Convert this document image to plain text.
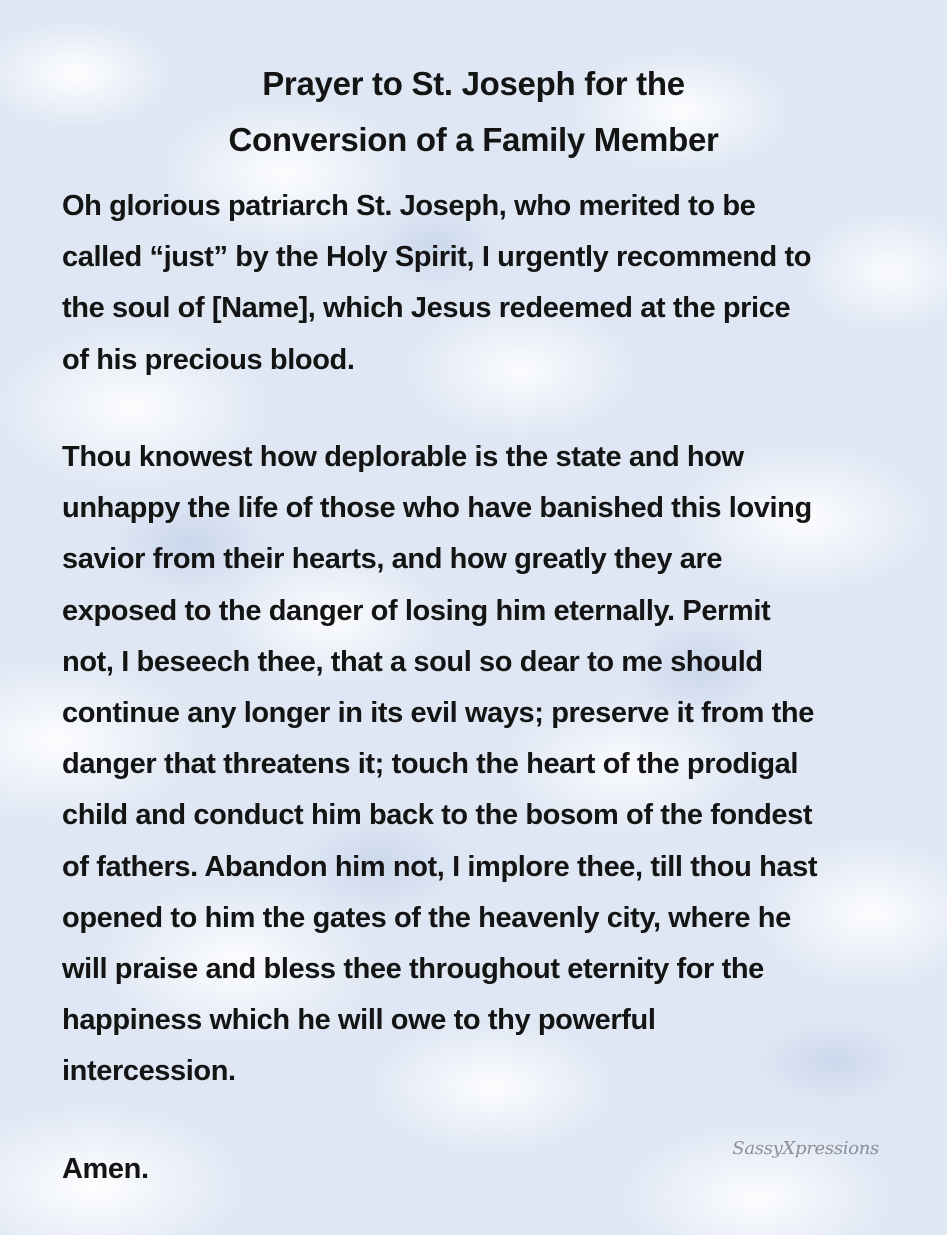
Prayer to St. Joseph for the
Conversion of a Family Member

Oh glorious patriarch St. Joseph, who merited to be
called “just” by the Holy Spirit, I urgently recommend to
the soul of [Name], which Jesus redeemed at the price
of his precious blood.

Thou knowest how deplorable is the state and how
unhappy the life of those who have banished this loving
savior from their hearts, and how greatly they are
exposed to the danger of losing him eternally. Permit
not, I beseech thee, that a soul so dear to me should
continue any longer in its evil ways; preserve it from the
danger that threatens it; touch the heart of the prodigal
child and conduct him back to the bosom of the fondest
of fathers. Abandon him not, I implore thee, till thou hast
opened to him the gates of the heavenly city, where he
will praise and bless thee throughout eternity for the
happiness which he will owe to thy powerful
intercession.

Amen.

SassyXpressions
